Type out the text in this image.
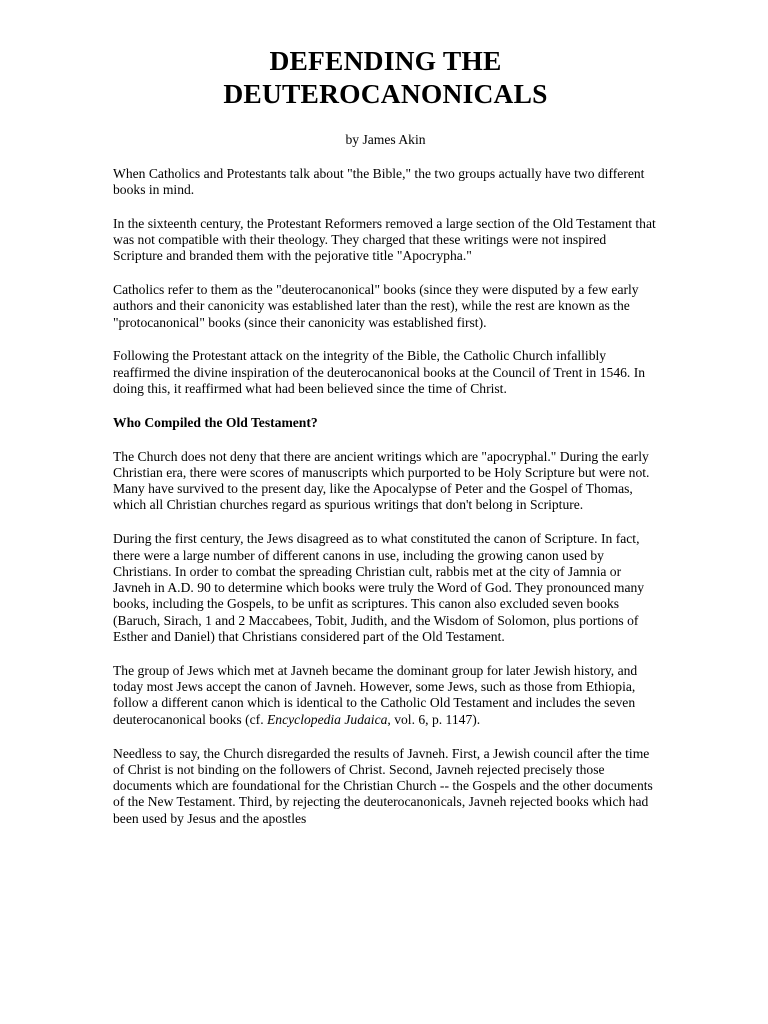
DEFENDING THE
DEUTEROCANONICALS
by James Akin

When Catholics and Protestants talk about "the Bible," the two groups actually have two different books in mind.

In the sixteenth century, the Protestant Reformers removed a large section of the Old Testament that was not compatible with their theology. They charged that these writings were not inspired Scripture and branded them with the pejorative title "Apocrypha."

Catholics refer to them as the "deuterocanonical" books (since they were disputed by a few early authors and their canonicity was established later than the rest), while the rest are known as the "protocanonical" books (since their canonicity was established first).

Following the Protestant attack on the integrity of the Bible, the Catholic Church infallibly reaffirmed the divine inspiration of the deuterocanonical books at the Council of Trent in 1546. In doing this, it reaffirmed what had been believed since the time of Christ.

Who Compiled the Old Testament?

The Church does not deny that there are ancient writings which are "apocryphal." During the early Christian era, there were scores of manuscripts which purported to be Holy Scripture but were not. Many have survived to the present day, like the Apocalypse of Peter and the Gospel of Thomas, which all Christian churches regard as spurious writings that don't belong in Scripture.

During the first century, the Jews disagreed as to what constituted the canon of Scripture. In fact, there were a large number of different canons in use, including the growing canon used by Christians. In order to combat the spreading Christian cult, rabbis met at the city of Jamnia or Javneh in A.D. 90 to determine which books were truly the Word of God. They pronounced many books, including the Gospels, to be unfit as scriptures. This canon also excluded seven books (Baruch, Sirach, 1 and 2 Maccabees, Tobit, Judith, and the Wisdom of Solomon, plus portions of Esther and Daniel) that Christians considered part of the Old Testament.

The group of Jews which met at Javneh became the dominant group for later Jewish history, and today most Jews accept the canon of Javneh. However, some Jews, such as those from Ethiopia, follow a different canon which is identical to the Catholic Old Testament and includes the seven deuterocanonical books (cf. Encyclopedia Judaica, vol. 6, p. 1147).

Needless to say, the Church disregarded the results of Javneh. First, a Jewish council after the time of Christ is not binding on the followers of Christ. Second, Javneh rejected precisely those documents which are foundational for the Christian Church -- the Gospels and the other documents of the New Testament. Third, by rejecting the deuterocanonicals, Javneh rejected books which had been used by Jesus and the apostles
